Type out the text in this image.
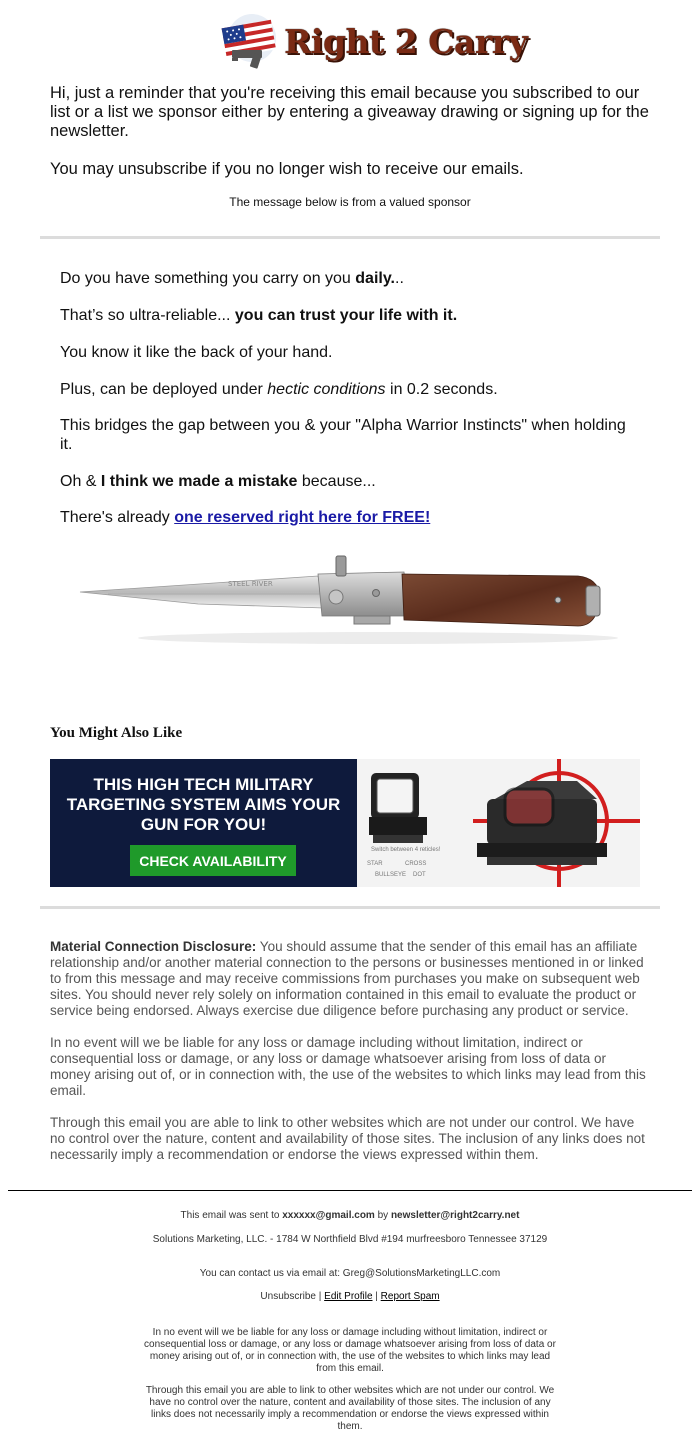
Right 2 Carry

Hi, just a reminder that you're receiving this email because you subscribed to our list or a list we sponsor either by entering a giveaway drawing or signing up for the newsletter.

You may unsubscribe if you no longer wish to receive our emails.

The message below is from a valued sponsor

Do you have something you carry on you daily...

That’s so ultra-reliable... you can trust your life with it.

You know it like the back of your hand.

Plus, can be deployed under hectic conditions in 0.2 seconds.

This bridges the gap between you & your "Alpha Warrior Instincts" when holding it.

Oh & I think we made a mistake because...

There's already one reserved right here for FREE!

STEEL RIVER
You Might Also Like
THIS HIGH TECH MILITARY TARGETING SYSTEM AIMS YOUR GUN FOR YOU!
CHECK AVAILABILITY
Switch between 4 reticles!
STAR	CROSS
BULLSEYE DOT

Material Connection Disclosure: You should assume that the sender of this email has an affiliate relationship and/or another material connection to the persons or businesses mentioned in or linked to from this message and may receive commissions from purchases you make on subsequent web sites. You should never rely solely on information contained in this email to evaluate the product or service being endorsed. Always exercise due diligence before purchasing any product or service.

In no event will we be liable for any loss or damage including without limitation, indirect or consequential loss or damage, or any loss or damage whatsoever arising from loss of data or money arising out of, or in connection with, the use of the websites to which links may lead from this email.

Through this email you are able to link to other websites which are not under our control. We have no control over the nature, content and availability of those sites. The inclusion of any links does not necessarily imply a recommendation or endorse the views expressed within them.

This email was sent to xxxxxx@gmail.com by newsletter@right2carry.net
Solutions Marketing, LLC. - 1784 W Northfield Blvd #194 murfreesboro Tennessee 37129
You can contact us via email at: Greg@SolutionsMarketingLLC.com
Unsubscribe | Edit Profile | Report Spam
In no event will we be liable for any loss or damage including without limitation, indirect or consequential loss or damage, or any loss or damage whatsoever arising from loss of data or money arising out of, or in connection with, the use of the websites to which links may lead from this email.
Through this email you are able to link to other websites which are not under our control. We have no control over the nature, content and availability of those sites. The inclusion of any links does not necessarily imply a recommendation or endorse the views expressed within them.
